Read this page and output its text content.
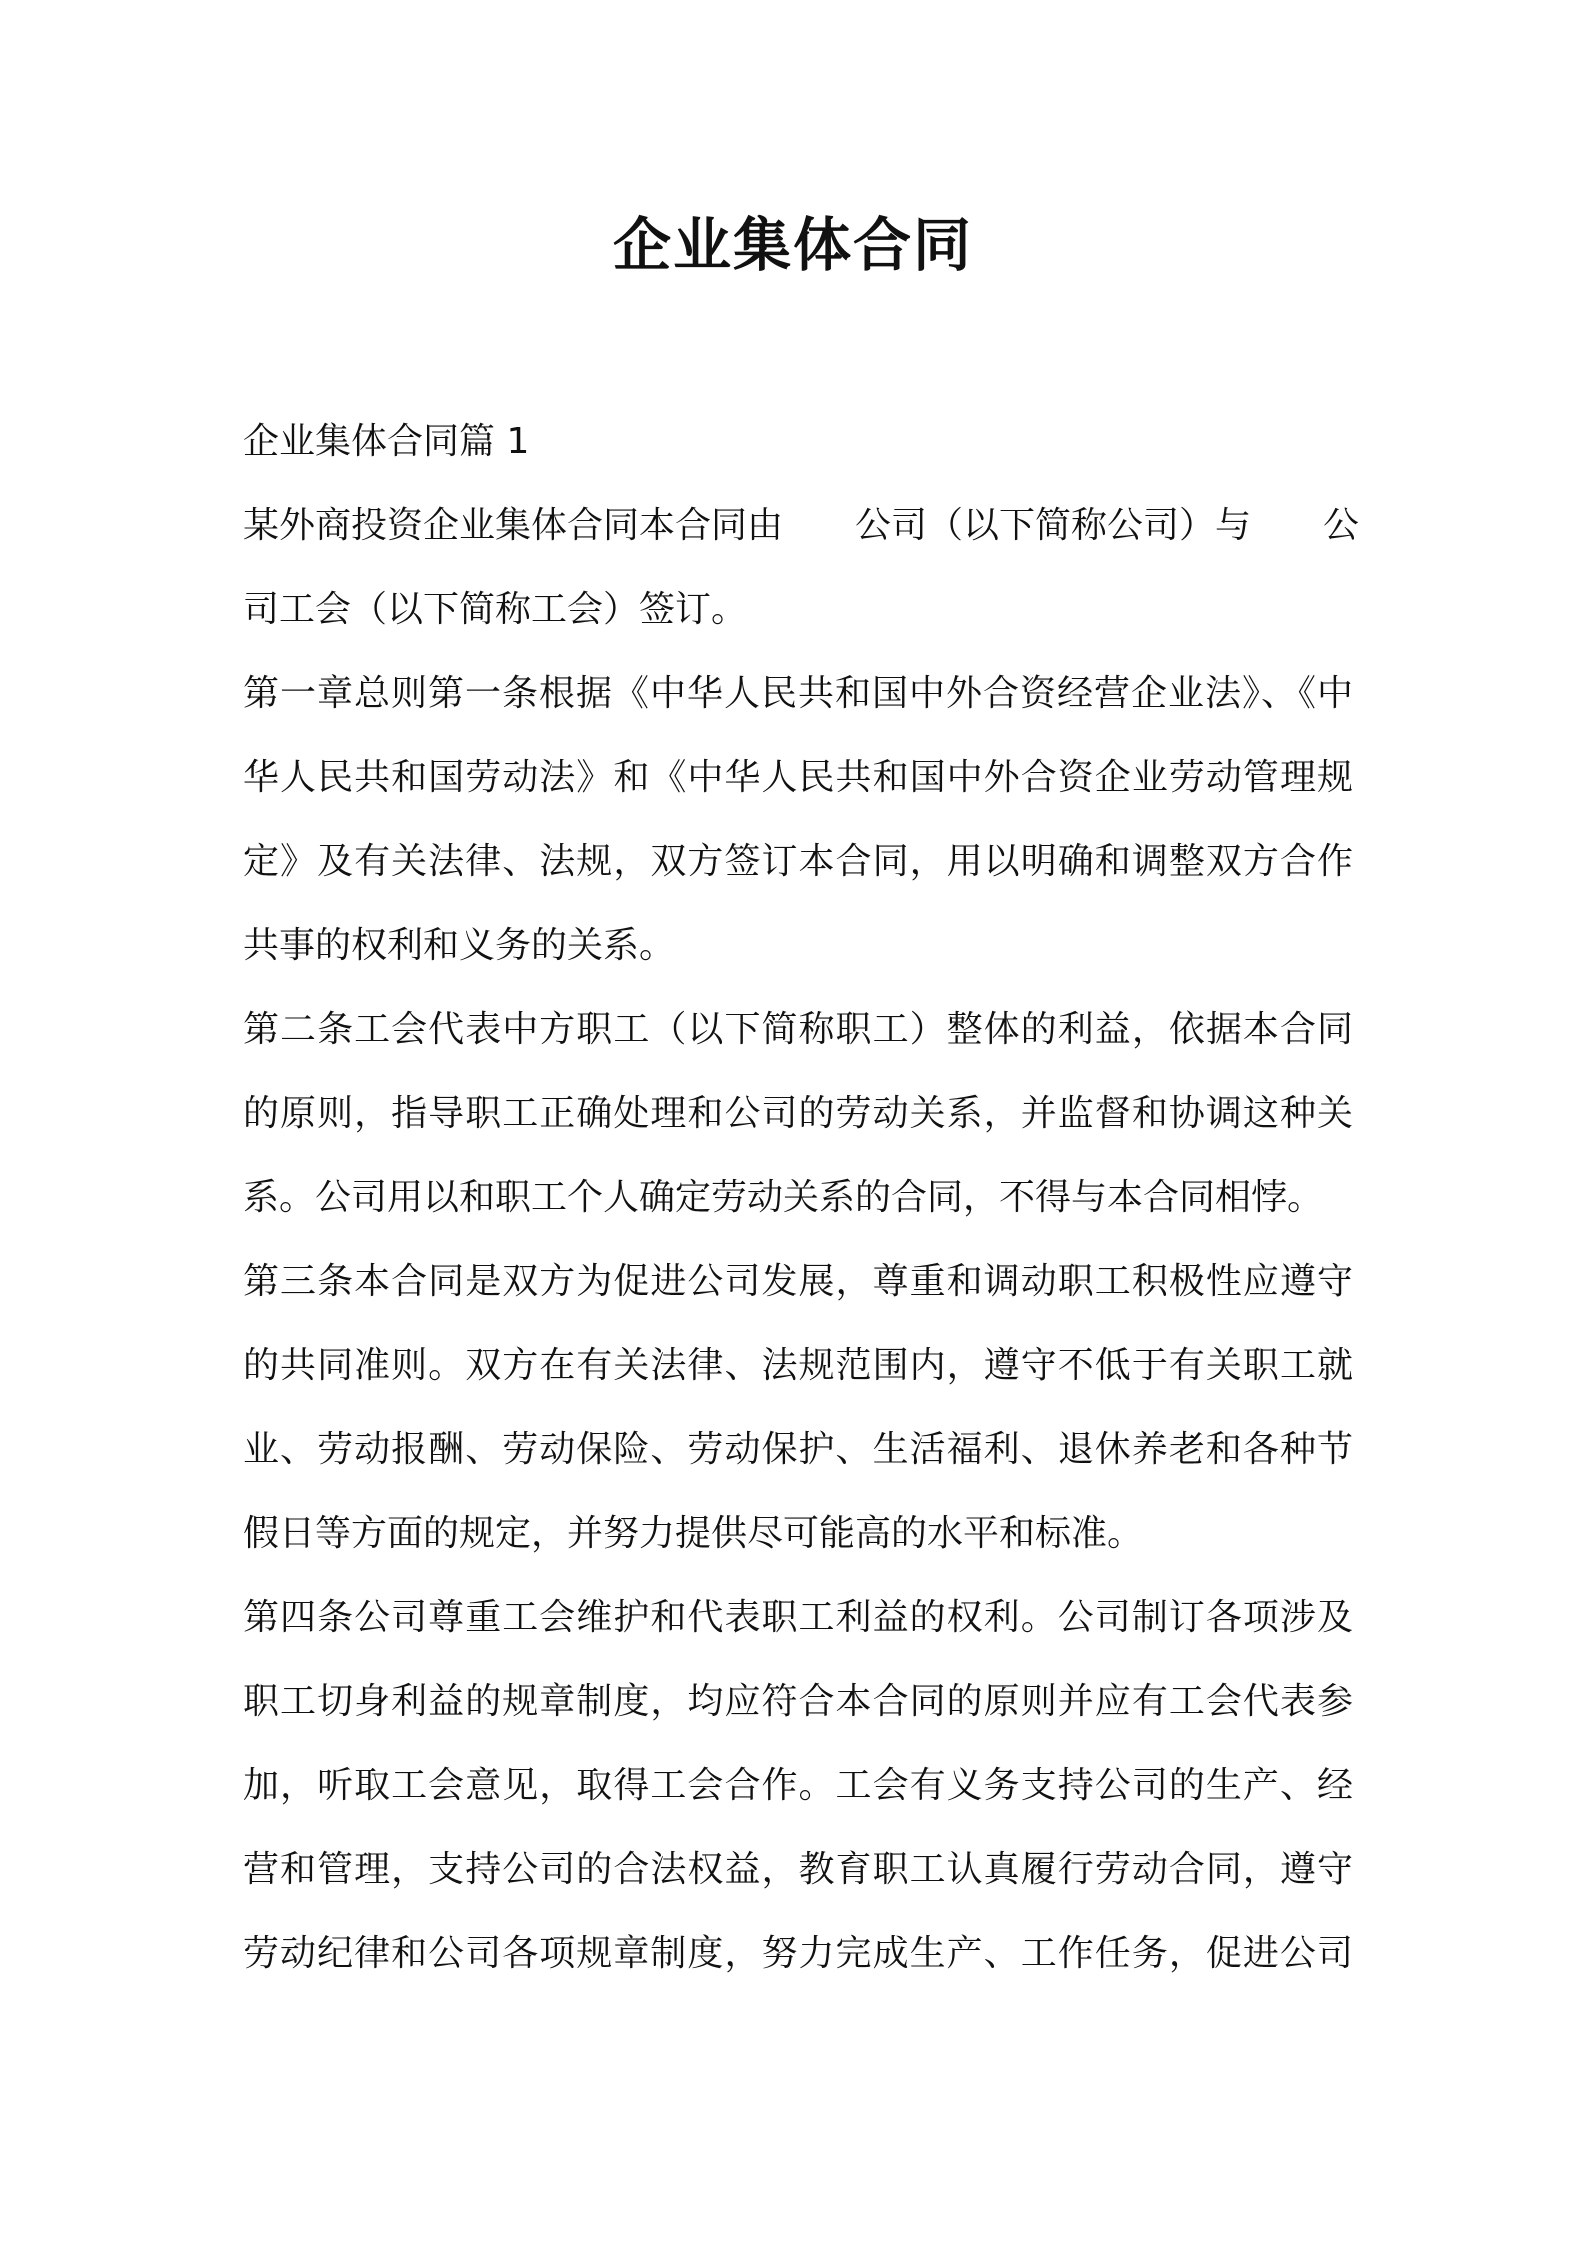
企业集体合同
企业集体合同篇 1

某外商投资企业集体合同本合同由　　公司（以下简称公司）与　　公
司工会（以下简称工会）签订。

第一章总则第一条根据《中华人民共和国中外合资经营企业法》、《中
华人民共和国劳动法》和《中华人民共和国中外合资企业劳动管理规
定》及有关法律、法规，双方签订本合同，用以明确和调整双方合作
共事的权利和义务的关系。

第二条工会代表中方职工（以下简称职工）整体的利益，依据本合同
的原则，指导职工正确处理和公司的劳动关系，并监督和协调这种关
系。公司用以和职工个人确定劳动关系的合同，不得与本合同相悖。

第三条本合同是双方为促进公司发展，尊重和调动职工积极性应遵守
的共同准则。双方在有关法律、法规范围内，遵守不低于有关职工就
业、劳动报酬、劳动保险、劳动保护、生活福利、退休养老和各种节
假日等方面的规定，并努力提供尽可能高的水平和标准。

第四条公司尊重工会维护和代表职工利益的权利。公司制订各项涉及
职工切身利益的规章制度，均应符合本合同的原则并应有工会代表参
加，听取工会意见，取得工会合作。工会有义务支持公司的生产、经
营和管理，支持公司的合法权益，教育职工认真履行劳动合同，遵守
劳动纪律和公司各项规章制度，努力完成生产、工作任务，促进公司
